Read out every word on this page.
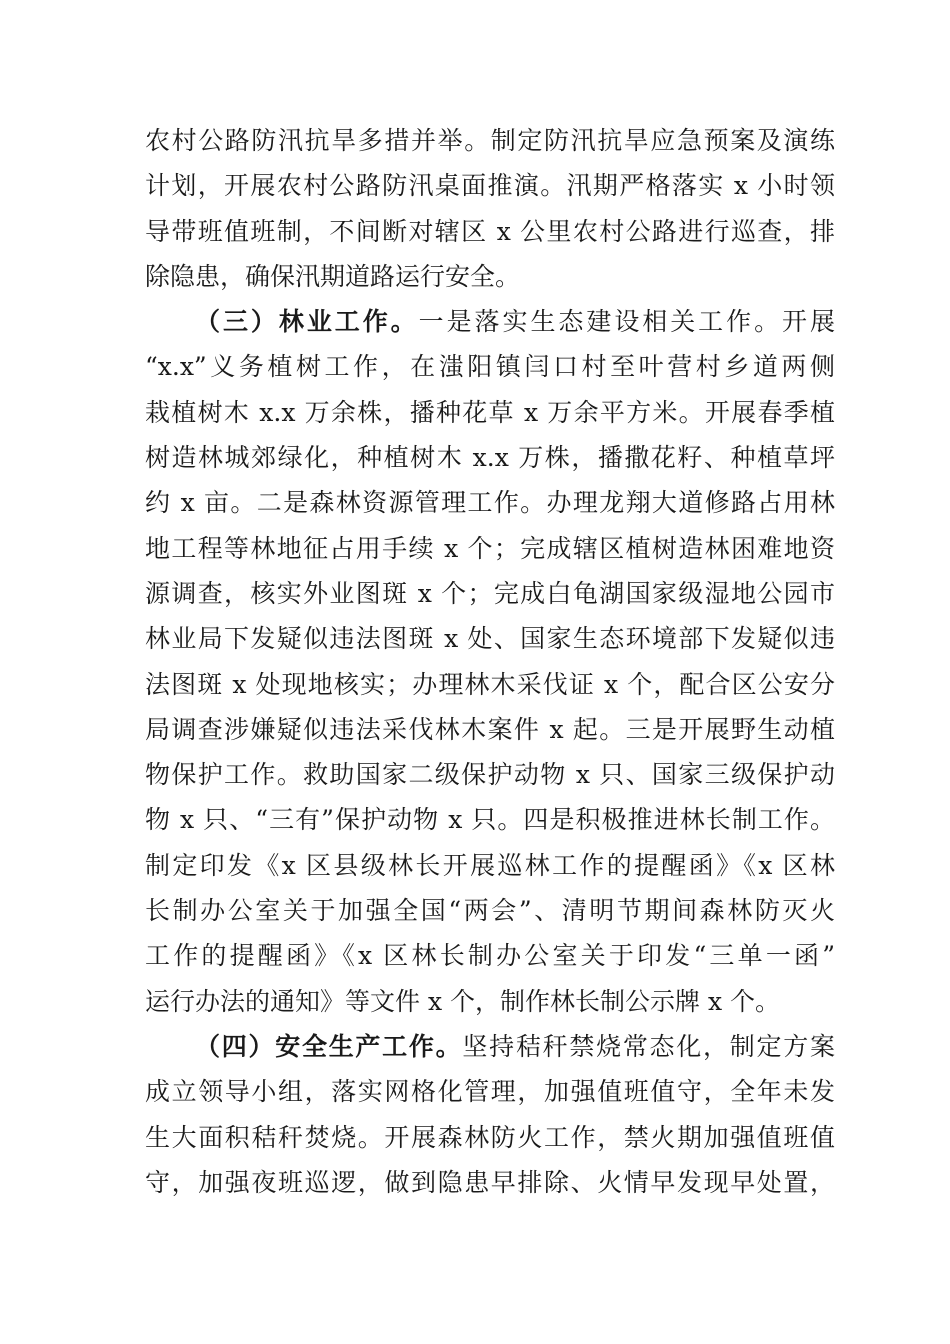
农村公路防汛抗旱多措并举。制定防汛抗旱应急预案及演练
计划，开展农村公路防汛桌面推演。汛期严格落实 x 小时领
导带班值班制，不间断对辖区 x 公里农村公路进行巡查，排
除隐患，确保汛期道路运行安全。
（三）林业工作。一是落实生态建设相关工作。开展
“x.x”义务植树工作，在滍阳镇闫口村至叶营村乡道两侧
栽植树木 x.x 万余株，播种花草 x 万余平方米。开展春季植
树造林城郊绿化，种植树木 x.x 万株，播撒花籽、种植草坪
约 x 亩。二是森林资源管理工作。办理龙翔大道修路占用林
地工程等林地征占用手续 x 个；完成辖区植树造林困难地资
源调查，核实外业图斑 x 个；完成白龟湖国家级湿地公园市
林业局下发疑似违法图斑 x 处、国家生态环境部下发疑似违
法图斑 x 处现地核实；办理林木采伐证 x 个，配合区公安分
局调查涉嫌疑似违法采伐林木案件 x 起。三是开展野生动植
物保护工作。救助国家二级保护动物 x 只、国家三级保护动
物 x 只、“三有”保护动物 x 只。四是积极推进林长制工作。
制定印发《x 区县级林长开展巡林工作的提醒函》《x 区林
长制办公室关于加强全国“两会”、清明节期间森林防灭火
工作的提醒函》《x 区林长制办公室关于印发“三单一函”
运行办法的通知》等文件 x 个，制作林长制公示牌 x 个。
（四）安全生产工作。坚持秸秆禁烧常态化，制定方案
成立领导小组，落实网格化管理，加强值班值守，全年未发
生大面积秸秆焚烧。开展森林防火工作，禁火期加强值班值
守，加强夜班巡逻，做到隐患早排除、火情早发现早处置，
